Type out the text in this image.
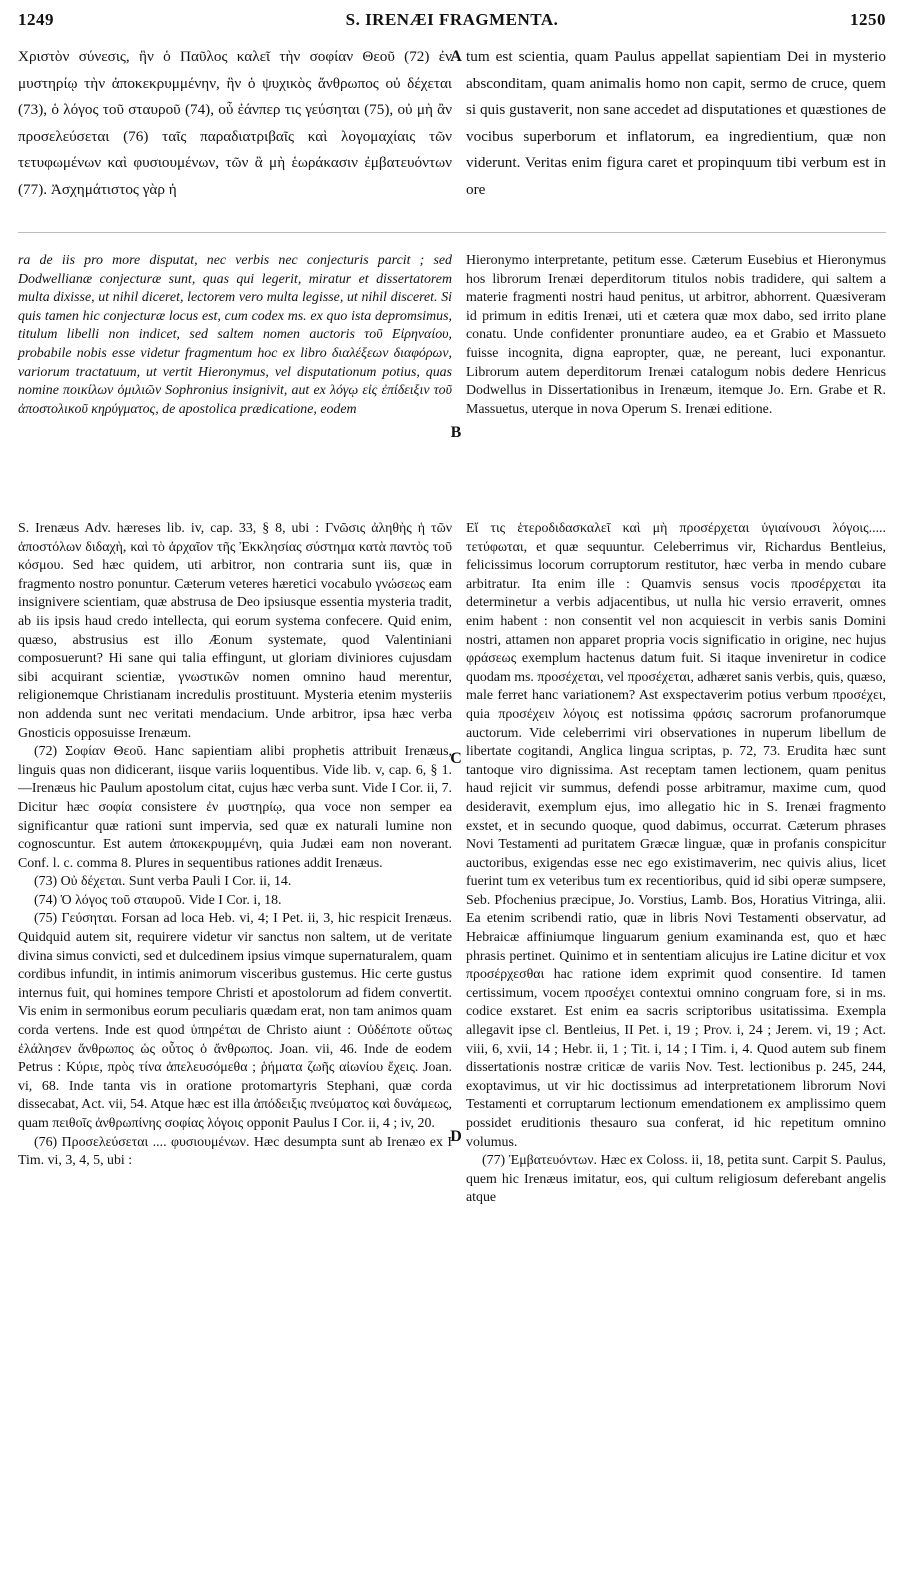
1249	S. IRENÆI FRAGMENTA.	1250

Χριστὸν σύνεσις, ἣν ὁ Παῦλος καλεῖ τὴν σοφίαν Θεοῦ (72) ἐν μυστηρίῳ τὴν ἀποκεκρυμμένην, ἣν ὁ ψυχικὸς ἄνθρωπος οὐ δέχεται (73), ὁ λόγος τοῦ σταυροῦ (74), οὗ ἐάνπερ τις γεύσηται (75), οὐ μὴ ἂν προσελεύσεται (76) ταῖς παραδιατριβαῖς καὶ λογομαχίαις τῶν τετυφωμένων καὶ φυσιουμένων, τῶν ἃ μὴ ἑωράκασιν ἐμβατευόντων (77). Ἀσχημάτιστος γὰρ ἡ

tum est scientia, quam Paulus appellat sapientiam Dei in mysterio absconditam, quam animalis homo non capit, sermo de cruce, quem si quis gustaverit, non sane accedet ad disputationes et quæstiones de vocibus superborum et inflatorum, ea ingredientium, quæ non viderunt. Veritas enim figura caret et propinquum tibi verbum est in ore

ra de iis pro more disputat, nec verbis nec conjecturis parcit ; sed Dodwellianæ conjecturæ sunt, quas qui legerit, miratur et dissertatorem multa dixisse, ut nihil diceret, lectorem vero multa legisse, ut nihil disceret. Si quis tamen hic conjecturæ locus est, cum codex ms. ex quo ista depromsimus, titulum libelli non indicet, sed saltem nomen auctoris τοῦ Εἰρηναίου, probabile nobis esse videtur fragmentum hoc ex libro διαλέξεων διαφόρων, variorum tractatuum, ut vertit Hieronymus, vel disputationum potius, quas nomine ποικίλων ὁμιλιῶν Sophronius insignivit, aut ex λόγῳ εἰς ἐπίδειξιν τοῦ ἀποστολικοῦ κηρύγματος, de apostolica prædicatione, eodem

Hieronymo interpretante, petitum esse. Cæterum Eusebius et Hieronymus hos librorum Irenæi deperditorum titulos nobis tradidere, qui saltem a materie fragmenti nostri haud penitus, ut arbitror, abhorrent. Quæsiveram id primum in editis Irenæi, uti et cætera quæ mox dabo, sed irrito plane conatu. Unde confidenter pronuntiare audeo, ea et Grabio et Massueto fuisse incognita, digna eapropter, quæ, ne pereant, luci exponantur. Librorum autem deperditorum Irenæi catalogum nobis dedere Henricus Dodwellus in Dissertationibus in Irenæum, itemque Jo. Ern. Grabe et R. Massuetus, uterque in nova Operum S. Irenæi editione.

S. Irenæus Adv. hæreses lib. iv, cap. 33, § 8, ubi : Γνῶσις ἀληθὴς ἡ τῶν ἀποστόλων διδαχὴ, καὶ τὸ ἀρχαῖον τῆς Ἐκκλησίας σύστημα κατὰ παντὸς τοῦ κόσμου. Sed hæc quidem, uti arbitror, non contraria sunt iis, quæ in fragmento nostro ponuntur. Cæterum veteres hæretici vocabulo γνώσεως eam insignivere scientiam, quæ abstrusa de Deo ipsiusque essentia mysteria tradit, ab iis ipsis haud credo intellecta, qui eorum systema confecere. Quid enim, quæso, abstrusius est illo Æonum systemate, quod Valentiniani composuerunt? Hi sane qui talia effingunt, ut gloriam diviniores cujusdam sibi acquirant scientiæ, γνωστικῶν nomen omnino haud merentur, religionemque Christianam incredulis prostituunt. Mysteria etenim mysteriis non addenda sunt nec veritati mendacium. Unde arbitror, ipsa hæc verba Gnosticis opposuisse Irenæum.

(72) Σοφίαν Θεοῦ. Hanc sapientiam alibi prophetis attribuit Irenæus, linguis quas non didicerant, iisque variis loquentibus. Vide lib. v, cap. 6, § 1. —Irenæus hic Paulum apostolum citat, cujus hæc verba sunt. Vide I Cor. ii, 7. Dicitur hæc σοφία consistere ἐν μυστηρίῳ, qua voce non semper ea significantur quæ rationi sunt impervia, sed quæ ex naturali lumine non cognoscuntur. Est autem ἀποκεκρυμμένη, quia Judæi eam non noverant. Conf. l. c. comma 8. Plures in sequentibus rationes addit Irenæus.

(73) Οὐ δέχεται. Sunt verba Pauli I Cor. ii, 14.

(74) Ὁ λόγος τοῦ σταυροῦ. Vide I Cor. i, 18.

(75) Γεύσηται. Forsan ad loca Heb. vi, 4; I Pet. ii, 3, hic respicit Irenæus. Quidquid autem sit, requirere videtur vir sanctus non saltem, ut de veritate divina simus convicti, sed et dulcedinem ipsius vimque supernaturalem, quam cordibus infundit, in intimis animorum visceribus gustemus. Hic certe gustus internus fuit, qui homines tempore Christi et apostolorum ad fidem convertit. Vis enim in sermonibus eorum peculiaris quædam erat, non tam animos quam corda vertens. Inde est quod ὑπηρέται de Christo aiunt : Οὐδέποτε οὕτως ἐλάλησεν ἄνθρωπος ὡς οὗτος ὁ ἄνθρωπος. Joan. vii, 46. Inde de eodem Petrus : Κύριε, πρὸς τίνα ἀπελευσόμεθα ; ῥήματα ζωῆς αἰωνίου ἔχεις. Joan. vi, 68. Inde tanta vis in oratione protomartyris Stephani, quæ corda dissecabat, Act. vii, 54. Atque hæc est illa ἀπόδειξις πνεύματος καὶ δυνάμεως, quam πειθοῖς ἀνθρωπίνης σοφίας λόγοις opponit Paulus I Cor. ii, 4 ; iv, 20.

(76) Προσελεύσεται .... φυσιουμένων. Hæc desumpta sunt ab Irenæo ex I Tim. vi, 3, 4, 5, ubi :

Εἴ τις ἑτεροδιδασκαλεῖ καὶ μὴ προσέρχεται ὑγιαίνουσι λόγοις..... τετύφωται, et quæ sequuntur. Celeberrimus vir, Richardus Bentleius, felicissimus locorum corruptorum restitutor, hæc verba in mendo cubare arbitratur. Ita enim ille : Quamvis sensus vocis προσέρχεται ita determinetur a verbis adjacentibus, ut nulla hic versio erraverit, omnes enim habent : non consentit vel non acquiescit in verbis sanis Domini nostri, attamen non apparet propria vocis significatio in origine, nec hujus φράσεως exemplum hactenus datum fuit. Si itaque inveniretur in codice quodam ms. προσέχεται, vel προσέχεται, adhæret sanis verbis, quis, quæso, male ferret hanc variationem? Ast exspectaverim potius verbum προσέχει, quia προσέχειν λόγοις est notissima φράσις sacrorum profanorumque auctorum. Vide celeberrimi viri observationes in nuperum libellum de libertate cogitandi, Anglica lingua scriptas, p. 72, 73. Erudita hæc sunt tantoque viro dignissima. Ast receptam tamen lectionem, quam penitus haud rejicit vir summus, defendi posse arbitramur, maxime cum, quod desideravit, exemplum ejus, imo allegatio hic in S. Irenæi fragmento exstet, et in secundo quoque, quod dabimus, occurrat. Cæterum phrases Novi Testamenti ad puritatem Græcæ linguæ, quæ in profanis conspicitur auctoribus, exigendas esse nec ego existimaverim, nec quivis alius, licet fuerint tum ex veteribus tum ex recentioribus, quid id sibi operæ sumpsere, Seb. Pfochenius præcipue, Jo. Vorstius, Lamb. Bos, Horatius Vitringa, alii. Ea etenim scribendi ratio, quæ in libris Novi Testamenti observatur, ad Hebraicæ affiniumque linguarum genium examinanda est, quo et hæc phrasis pertinet. Quinimo et in sententiam alicujus ire Latine dicitur et vox προσέρχεσθαι hac ratione idem exprimit quod consentire. Id tamen certissimum, vocem προσέχει contextui omnino congruam fore, si in ms. codice exstaret. Est enim ea sacris scriptoribus usitatissima. Exempla allegavit ipse cl. Bentleius, II Pet. i, 19 ; Prov. i, 24 ; Jerem. vi, 19 ; Act. viii, 6, xvii, 14 ; Hebr. ii, 1 ; Tit. i, 14 ; I Tim. i, 4. Quod autem sub finem dissertationis nostræ criticæ de variis Nov. Test. lectionibus p. 245, 244, exoptavimus, ut vir hic doctissimus ad interpretationem librorum Novi Testamenti et corruptarum lectionum emendationem ex amplissimo quem possidet eruditionis thesauro sua conferat, id hic repetitum omnino volumus.

(77) Ἐμβατευόντων. Hæc ex Coloss. ii, 18, petita sunt. Carpit S. Paulus, quem hic Irenæus imitatur, eos, qui cultum religiosum deferebant angelis atque

A
B
C
D
